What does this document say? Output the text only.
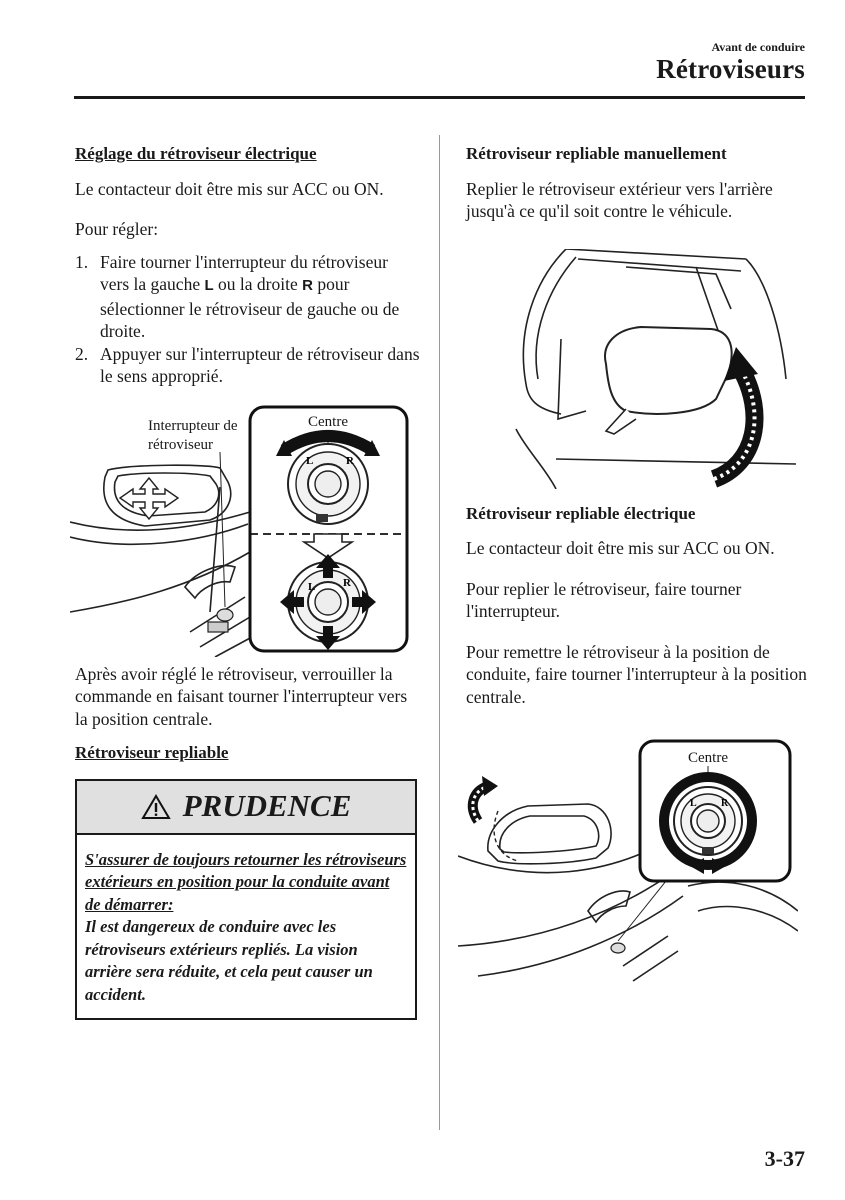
Avant de conduire
Rétroviseurs
Réglage du rétroviseur électrique

Le contacteur doit être mis sur ACC ou ON.

Pour régler:

1. Faire tourner l'interrupteur du rétroviseur vers la gauche L ou la droite R pour sélectionner le rétroviseur de gauche ou de droite.
2. Appuyer sur l'interrupteur de rétroviseur dans le sens approprié.
Interrupteur de
rétroviseur
Centre
L	R
L	R

Après avoir réglé le rétroviseur, verrouiller la commande en faisant tourner l'interrupteur vers la position centrale.

Rétroviseur repliable
PRUDENCE
S'assurer de toujours retourner les rétroviseurs extérieurs en position pour la conduite avant de démarrer:
Il est dangereux de conduire avec les rétroviseurs extérieurs repliés. La vision arrière sera réduite, et cela peut causer un accident.
Rétroviseur repliable manuellement

Replier le rétroviseur extérieur vers l'arrière jusqu'à ce qu'il soit contre le véhicule.

Rétroviseur repliable électrique

Le contacteur doit être mis sur ACC ou ON.

Pour replier le rétroviseur, faire tourner l'interrupteur.

Pour remettre le rétroviseur à la position de conduite, faire tourner l'interrupteur à la position centrale.

Centre
L R
3-37
